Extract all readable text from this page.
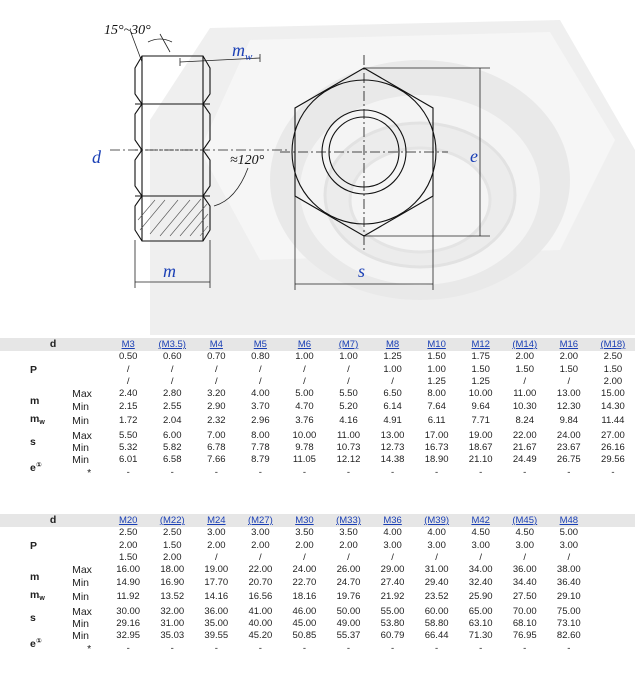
15°~30°
$m_w$
d	≈120°
m
e
s
d		M3	(M3.5)	M4	M5	M6	(M7)	M8	M10	M12	(M14)	M16	(M18)
P		0.50	0.60	0.70	0.80	1.00	1.00	1.25	1.50	1.75	2.00	2.00	2.50
		/	/	/	/	/	/	1.00	1.00	1.50	1.50	1.50	1.50
		/	/	/	/	/	/	/	1.25	1.25	/	/	2.00
m	Max	2.40	2.80	3.20	4.00	5.00	5.50	6.50	8.00	10.00	11.00	13.00	15.00
	Min	2.15	2.55	2.90	3.70	4.70	5.20	6.14	7.64	9.64	10.30	12.30	14.30
$m_w$	Min	1.72	2.04	2.32	2.96	3.76	4.16	4.91	6.11	7.71	8.24	9.84	11.44
s	Max	5.50	6.00	7.00	8.00	10.00	11.00	13.00	17.00	19.00	22.00	24.00	27.00
	Min	5.32	5.82	6.78	7.78	9.78	10.73	12.73	16.73	18.67	21.67	23.67	26.16
e①	Min	6.01	6.58	7.66	8.79	11.05	12.12	14.38	18.90	21.10	24.49	26.75	29.56
	*	-	-	-	-	-	-	-	-	-	-	-	-
d		M20	(M22)	M24	(M27)	M30	(M33)	M36	(M39)	M42	(M45)	M48	
P		2.50	2.50	3.00	3.00	3.50	3.50	4.00	4.00	4.50	4.50	5.00	
		2.00	1.50	2.00	2.00	2.00	2.00	3.00	3.00	3.00	3.00	3.00	
		1.50	2.00	/	/	/	/	/	/	/	/	/	
m	Max	16.00	18.00	19.00	22.00	24.00	26.00	29.00	31.00	34.00	36.00	38.00	
	Min	14.90	16.90	17.70	20.70	22.70	24.70	27.40	29.40	32.40	34.40	36.40	
$m_w$	Min	11.92	13.52	14.16	16.56	18.16	19.76	21.92	23.52	25.90	27.50	29.10	
s	Max	30.00	32.00	36.00	41.00	46.00	50.00	55.00	60.00	65.00	70.00	75.00	
	Min	29.16	31.00	35.00	40.00	45.00	49.00	53.80	58.80	63.10	68.10	73.10	
e①	Min	32.95	35.03	39.55	45.20	50.85	55.37	60.79	66.44	71.30	76.95	82.60	
	*	-	-	-	-	-	-	-	-	-	-	-	
